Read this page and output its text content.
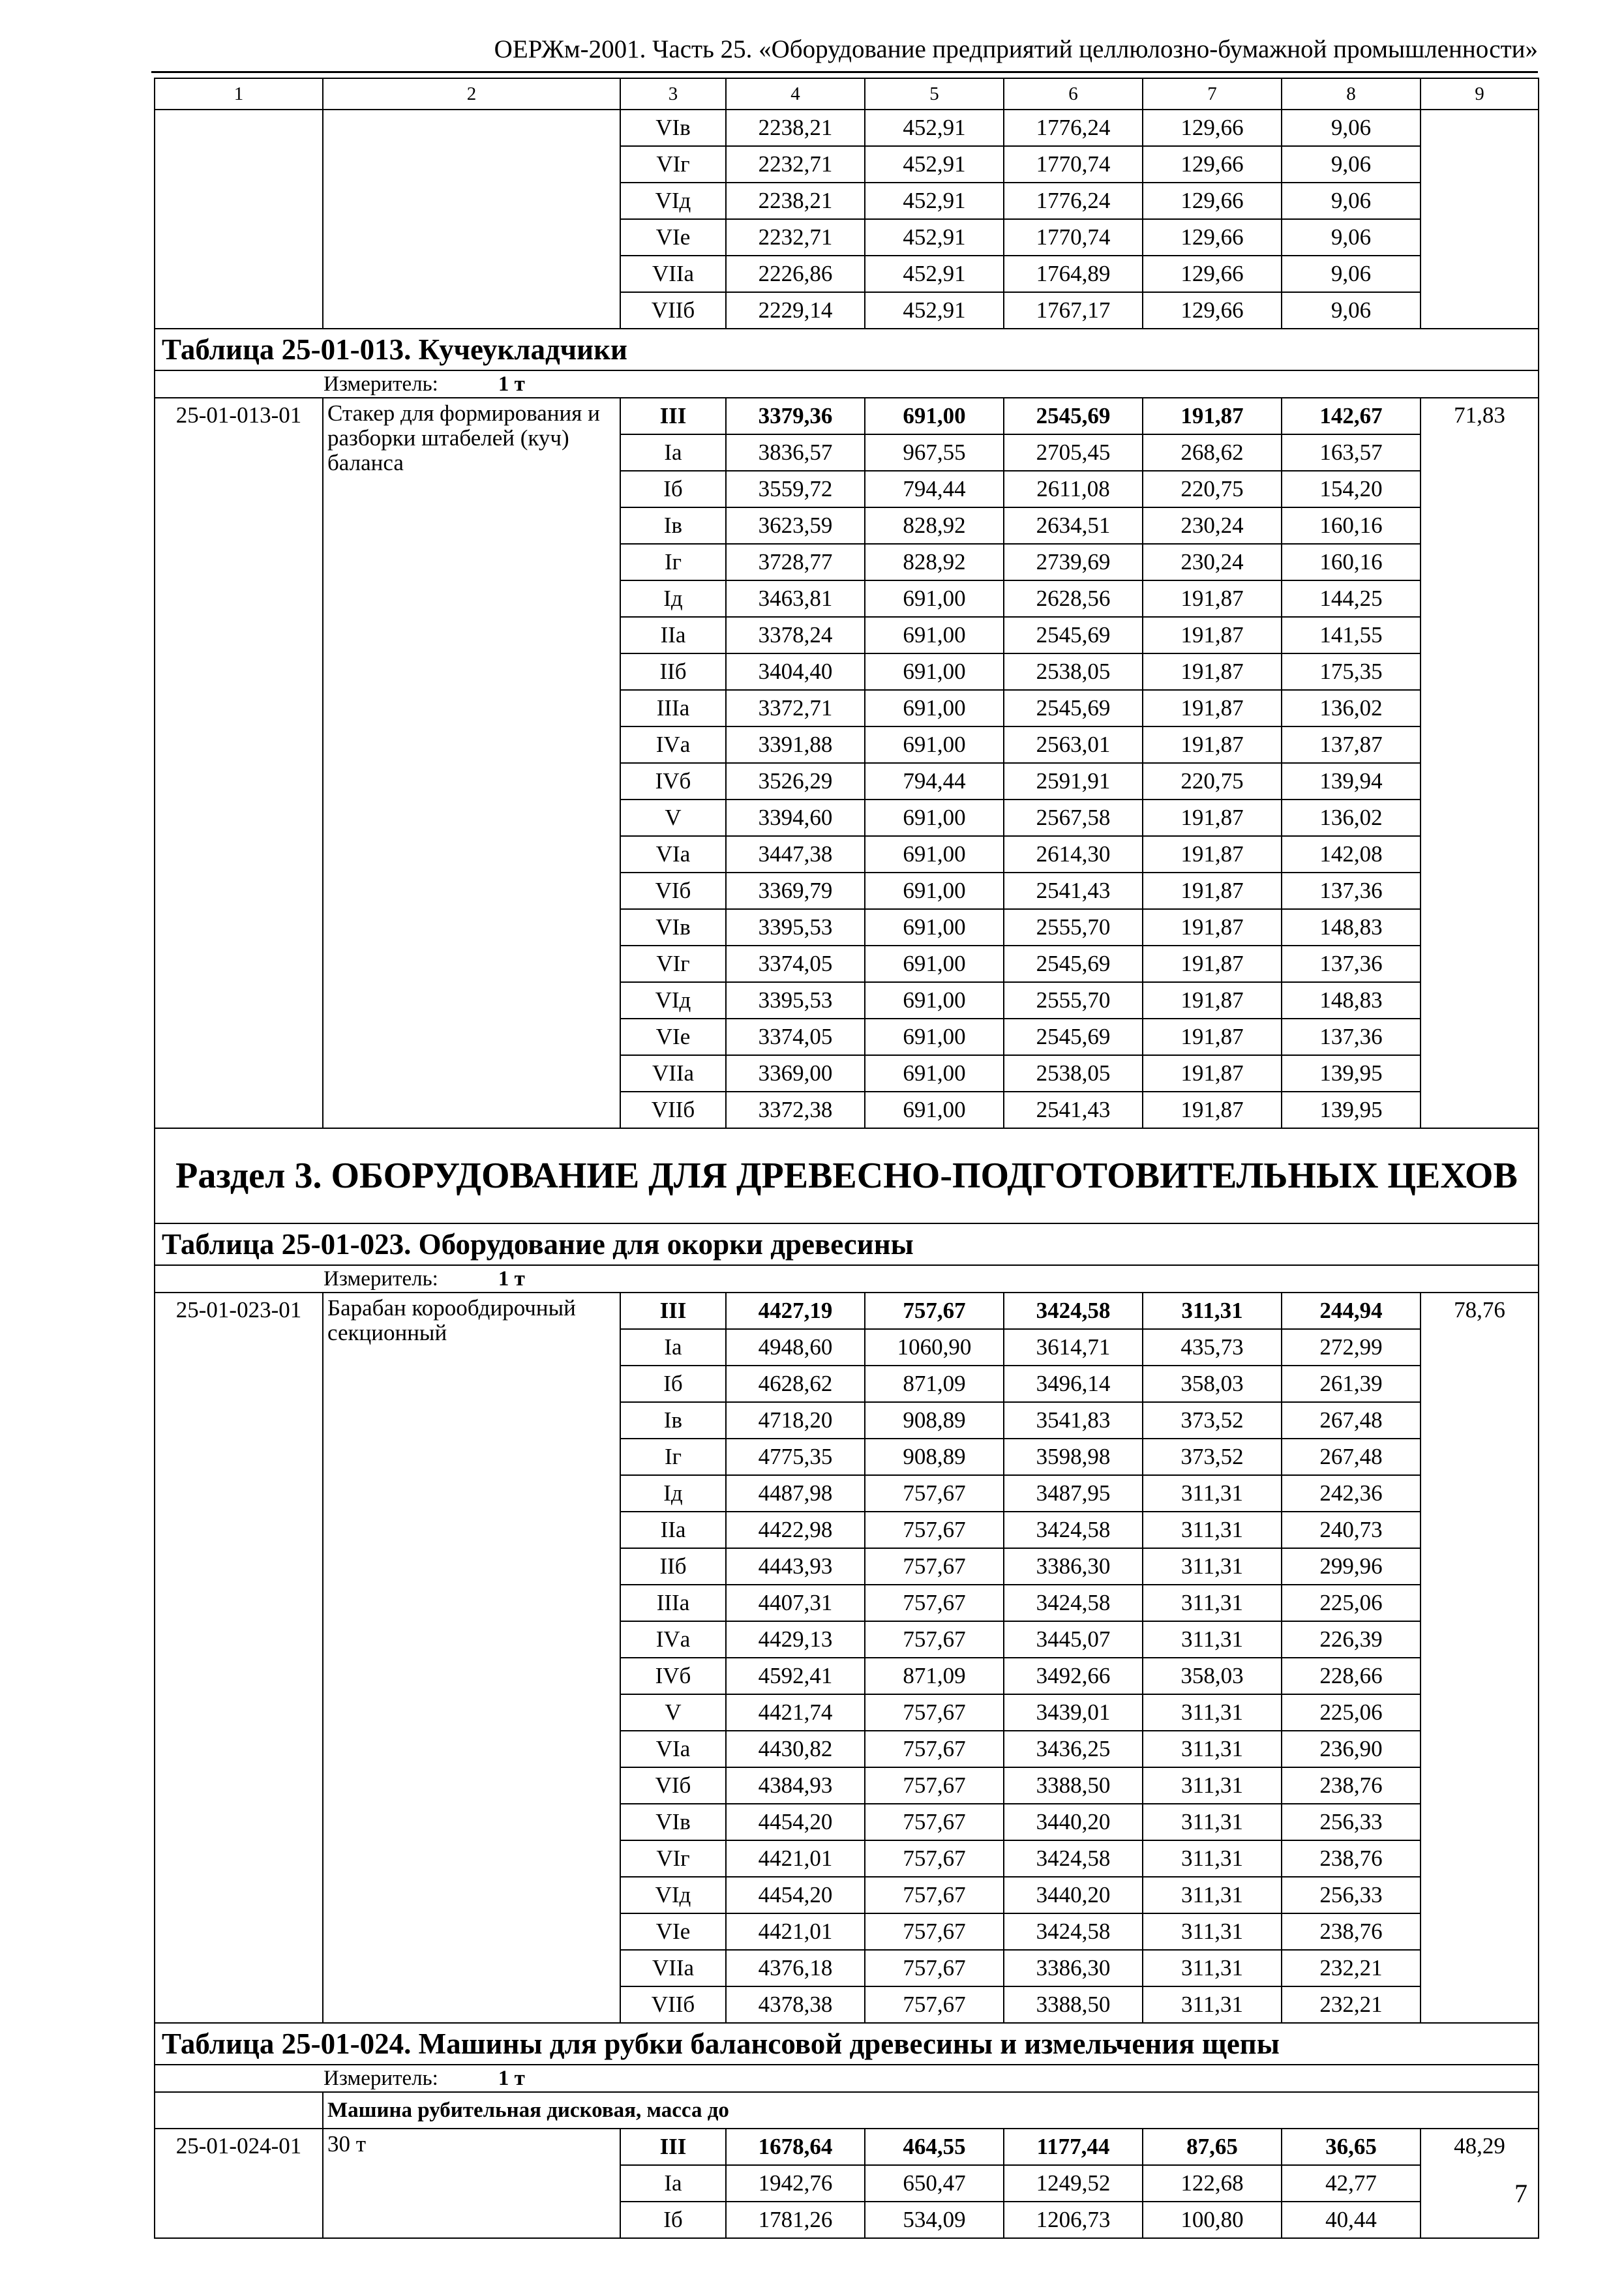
ОЕРЖм-2001. Часть 25. «Оборудование предприятий целлюлозно-бумажной промышленности»
1	2	3	4	5	6	7	8	9
		VIв	2238,21	452,91	1776,24	129,66	9,06	
		VIг	2232,71	452,91	1770,74	129,66	9,06	
		VIд	2238,21	452,91	1776,24	129,66	9,06	
		VIе	2232,71	452,91	1770,74	129,66	9,06	
		VIIа	2226,86	452,91	1764,89	129,66	9,06	
		VIIб	2229,14	452,91	1767,17	129,66	9,06	
Таблица 25-01-013. Кучеукладчики								
Измеритель: 1 т								
25-01-013-01	Стакер для формирования и разборки штабелей (куч) баланса	III	3379,36	691,00	2545,69	191,87	142,67	71,83
		Iа	3836,57	967,55	2705,45	268,62	163,57	
		Iб	3559,72	794,44	2611,08	220,75	154,20	
		Iв	3623,59	828,92	2634,51	230,24	160,16	
		Iг	3728,77	828,92	2739,69	230,24	160,16	
		Iд	3463,81	691,00	2628,56	191,87	144,25	
		IIа	3378,24	691,00	2545,69	191,87	141,55	
		IIб	3404,40	691,00	2538,05	191,87	175,35	
		IIIа	3372,71	691,00	2545,69	191,87	136,02	
		IVа	3391,88	691,00	2563,01	191,87	137,87	
		IVб	3526,29	794,44	2591,91	220,75	139,94	
		V	3394,60	691,00	2567,58	191,87	136,02	
		VIа	3447,38	691,00	2614,30	191,87	142,08	
		VIб	3369,79	691,00	2541,43	191,87	137,36	
		VIв	3395,53	691,00	2555,70	191,87	148,83	
		VIг	3374,05	691,00	2545,69	191,87	137,36	
		VIд	3395,53	691,00	2555,70	191,87	148,83	
		VIе	3374,05	691,00	2545,69	191,87	137,36	
		VIIа	3369,00	691,00	2538,05	191,87	139,95	
		VIIб	3372,38	691,00	2541,43	191,87	139,95	
Раздел 3. ОБОРУДОВАНИЕ ДЛЯ ДРЕВЕСНО-ПОДГОТОВИТЕЛЬНЫХ ЦЕХОВ								
Таблица 25-01-023. Оборудование для окорки древесины								
Измеритель: 1 т								
25-01-023-01	Барабан корообдирочный секционный	III	4427,19	757,67	3424,58	311,31	244,94	78,76
		Iа	4948,60	1060,90	3614,71	435,73	272,99	
		Iб	4628,62	871,09	3496,14	358,03	261,39	
		Iв	4718,20	908,89	3541,83	373,52	267,48	
		Iг	4775,35	908,89	3598,98	373,52	267,48	
		Iд	4487,98	757,67	3487,95	311,31	242,36	
		IIа	4422,98	757,67	3424,58	311,31	240,73	
		IIб	4443,93	757,67	3386,30	311,31	299,96	
		IIIа	4407,31	757,67	3424,58	311,31	225,06	
		IVа	4429,13	757,67	3445,07	311,31	226,39	
		IVб	4592,41	871,09	3492,66	358,03	228,66	
		V	4421,74	757,67	3439,01	311,31	225,06	
		VIа	4430,82	757,67	3436,25	311,31	236,90	
		VIб	4384,93	757,67	3388,50	311,31	238,76	
		VIв	4454,20	757,67	3440,20	311,31	256,33	
		VIг	4421,01	757,67	3424,58	311,31	238,76	
		VIд	4454,20	757,67	3440,20	311,31	256,33	
		VIе	4421,01	757,67	3424,58	311,31	238,76	
		VIIа	4376,18	757,67	3386,30	311,31	232,21	
		VIIб	4378,38	757,67	3388,50	311,31	232,21	
Таблица 25-01-024. Машины для рубки балансовой древесины и измельчения щепы								
Измеритель: 1 т								
	Машина рубительная дисковая, масса до							
25-01-024-01	30 т	III	1678,64	464,55	1177,44	87,65	36,65	48,29
		Iа	1942,76	650,47	1249,52	122,68	42,77	
		Iб	1781,26	534,09	1206,73	100,80	40,44	
7
